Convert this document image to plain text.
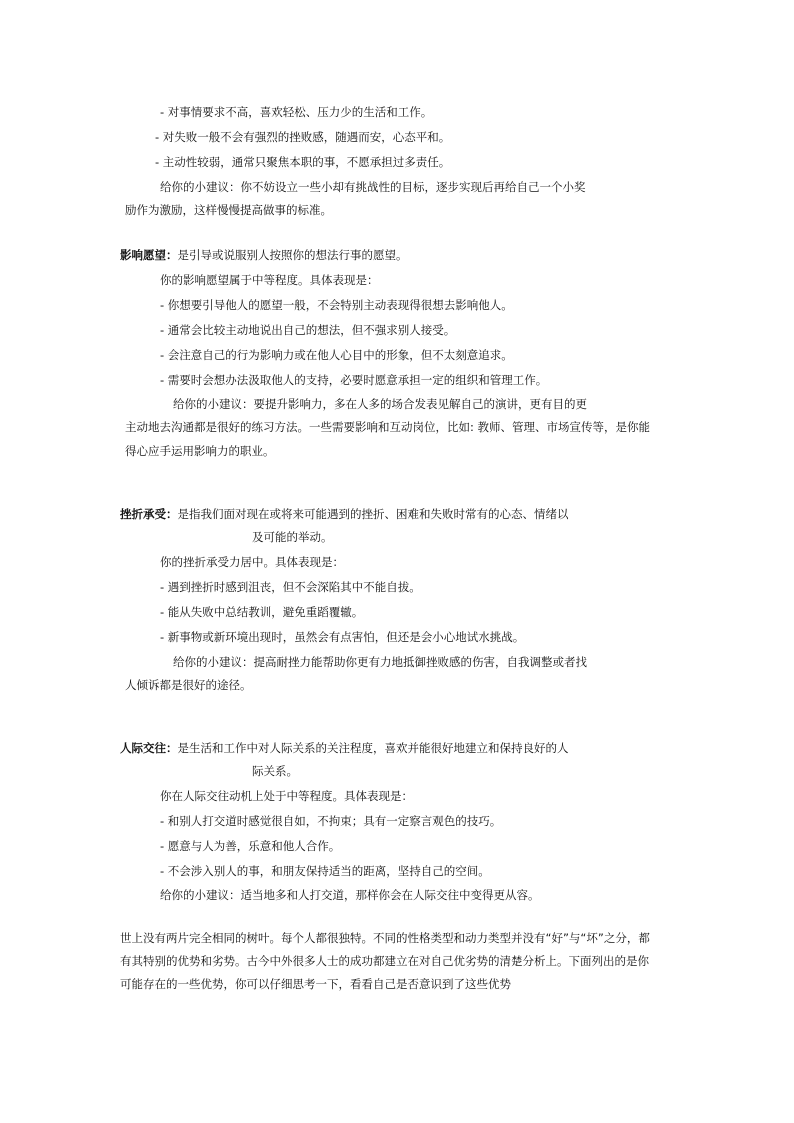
- 对事情要求不高，喜欢轻松、压力少的生活和工作。
- 对失败一般不会有强烈的挫败感，随遇而安，心态平和。
- 主动性较弱，通常只聚焦本职的事，不愿承担过多责任。
给你的小建议：你不妨设立一些小却有挑战性的目标，逐步实现后再给自己一个小奖
励作为激励，这样慢慢提高做事的标准。
影响愿望：是引导或说服别人按照你的想法行事的愿望。
你的影响愿望属于中等程度。具体表现是：
- 你想要引导他人的愿望一般，不会特别主动表现得很想去影响他人。
- 通常会比较主动地说出自己的想法，但不强求别人接受。
- 会注意自己的行为影响力或在他人心目中的形象，但不太刻意追求。
- 需要时会想办法汲取他人的支持，必要时愿意承担一定的组织和管理工作。
给你的小建议：要提升影响力，多在人多的场合发表见解自己的演讲，更有目的更
主动地去沟通都是很好的练习方法。一些需要影响和互动岗位，比如: 教师、管理、市场宣传等，是你能
得心应手运用影响力的职业。
挫折承受：是指我们面对现在或将来可能遇到的挫折、困难和失败时常有的心态、情绪以
及可能的举动。
你的挫折承受力居中。具体表现是：
- 遇到挫折时感到沮丧，但不会深陷其中不能自拔。
- 能从失败中总结教训，避免重蹈覆辙。
- 新事物或新环境出现时，虽然会有点害怕，但还是会小心地试水挑战。
给你的小建议：提高耐挫力能帮助你更有力地抵御挫败感的伤害，自我调整或者找
人倾诉都是很好的途径。
人际交往：是生活和工作中对人际关系的关注程度，喜欢并能很好地建立和保持良好的人
际关系。
你在人际交往动机上处于中等程度。具体表现是：
- 和别人打交道时感觉很自如，不拘束；具有一定察言观色的技巧。
- 愿意与人为善，乐意和他人合作。
- 不会涉入别人的事，和朋友保持适当的距离，坚持自己的空间。
给你的小建议：适当地多和人打交道，那样你会在人际交往中变得更从容。
世上没有两片完全相同的树叶。每个人都很独特。不同的性格类型和动力类型并没有“好”与“坏”之分，都
有其特别的优势和劣势。古今中外很多人士的成功都建立在对自己优劣势的清楚分析上。下面列出的是你
可能存在的一些优势，你可以仔细思考一下，看看自己是否意识到了这些优势
